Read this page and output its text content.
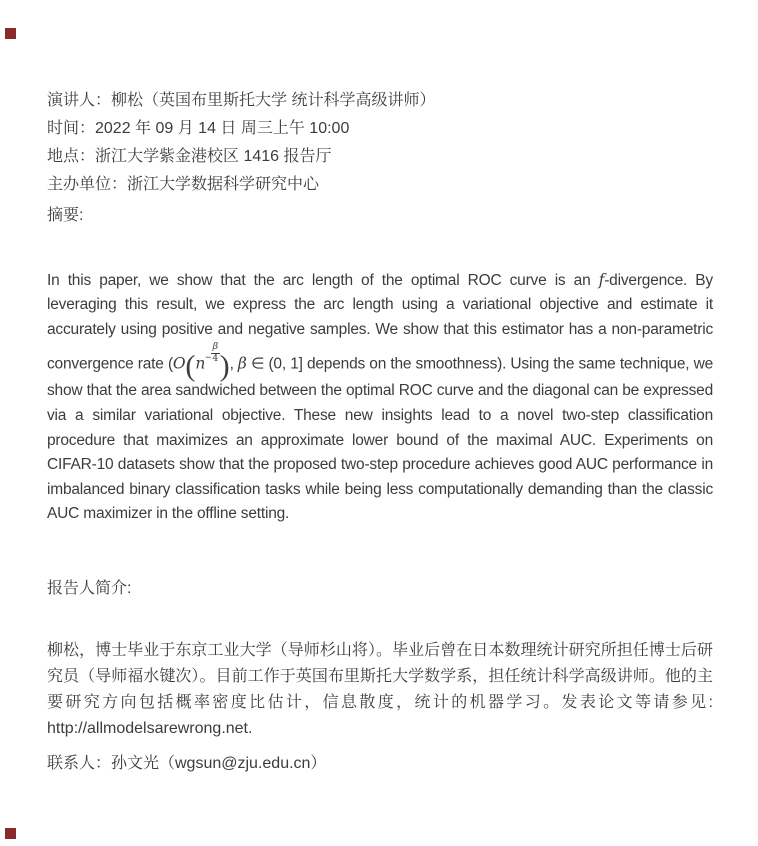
演讲人：柳松（英国布里斯托大学 统计科学高级讲师）
时间：2022 年 09 月 14 日 周三上午 10:00
地点：浙江大学紫金港校区 1416 报告厅
主办单位：浙江大学数据科学研究中心
摘要:

In this paper, we show that the arc length of the optimal ROC curve is an f-divergence. By leveraging this result, we express the arc length using a variational objective and estimate it accurately using positive and negative samples. We show that this estimator has a non-parametric convergence rate ($O(n^- \frac{\beta}{4}$ ), β ∈ (0, 1] depends on the smoothness). Using the same technique, we show that the area sandwiched between the optimal ROC curve and the diagonal can be expressed via a similar variational objective. These new insights lead to a novel two-step classification procedure that maximizes an approximate lower bound of the maximal AUC. Experiments on CIFAR-10 datasets show that the proposed two-step procedure achieves good AUC performance in imbalanced binary classification tasks while being less computationally demanding than the classic AUC maximizer in the offline setting.

报告人简介:

柳松，博士毕业于东京工业大学（导师杉山将）。毕业后曾在日本数理统计研究所担任博士后研究员（导师福水键次）。目前工作于英国布里斯托大学数学系，担任统计科学高级讲师。他的主要研究方向包括概率密度比估计，信息散度，统计的机器学习。发表论文等请参见: http://allmodelsarewrong.net.

联系人：孙文光（wgsun@zju.edu.cn）
